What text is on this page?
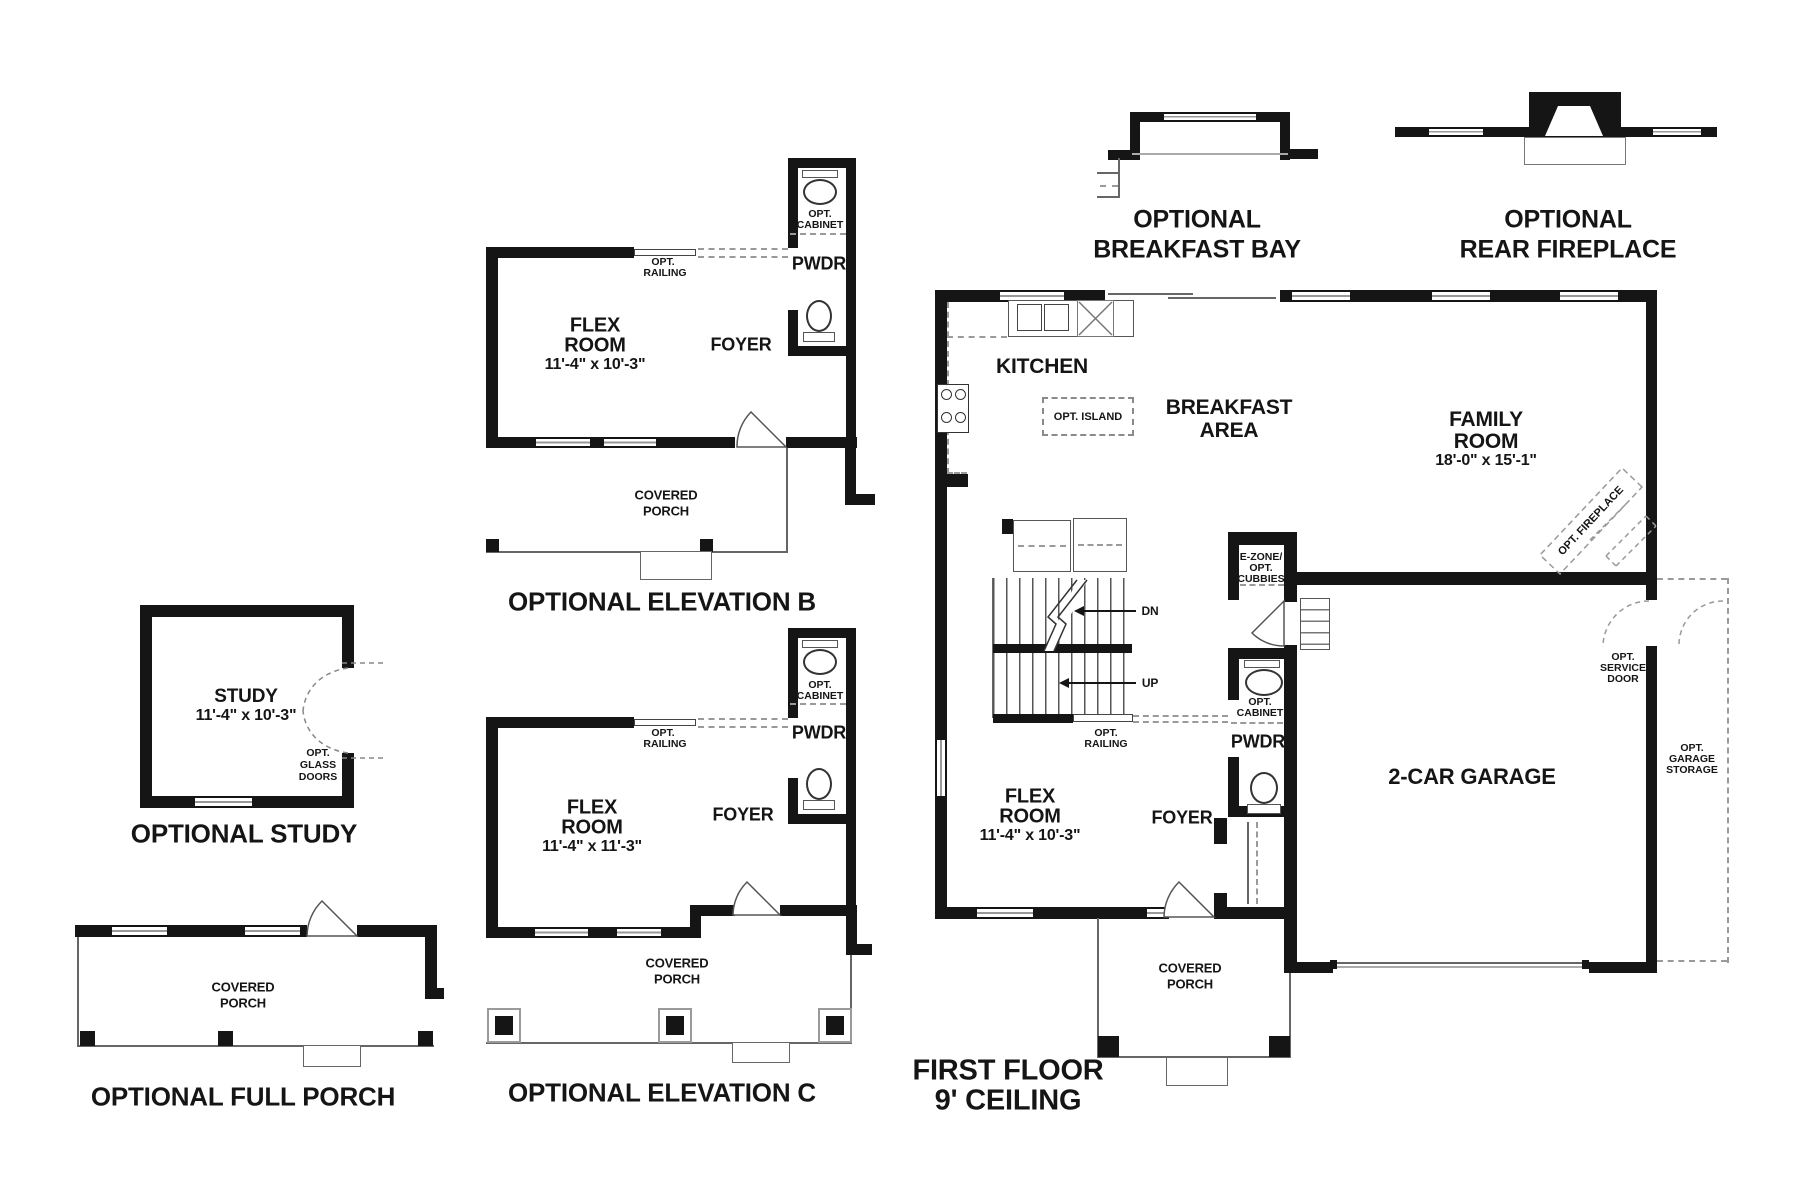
OPTIONAL
BREAKFAST BAY
OPTIONAL
REAR FIREPLACE
OPT.
RAILING
OPT.
CABINET
PWDR
FLEX
ROOM
11'-4" x 10'-3"
FOYER
COVERED
PORCH
OPTIONAL ELEVATION B
OPT.
RAILING
OPT.
CABINET
PWDR
FLEX
ROOM
11'-4" x 11'-3"
FOYER
COVERED
PORCH
OPTIONAL ELEVATION C
STUDY
11'-4" x 10'-3"
OPT.
GLASS
DOORS
OPTIONAL STUDY
COVERED
PORCH
OPTIONAL FULL PORCH
KITCHEN
OPT. ISLAND BREAKFAST
AREA	FAMILY
ROOM
18'-0" x 15'-1"
E-ZONE/
OPT.
CUBBIES
DN
UP
OPT.
RAILING
OPT.
CABINET
PWDR
FOYER
FLEX
ROOM
11'-4" x 10'-3"
2-CAR GARAGE
OPT. FIREPLACE
OPT.
SERVICE
DOOR
OPT.
GARAGE
STORAGE
COVERED
PORCH
FIRST FLOOR
9' CEILING
